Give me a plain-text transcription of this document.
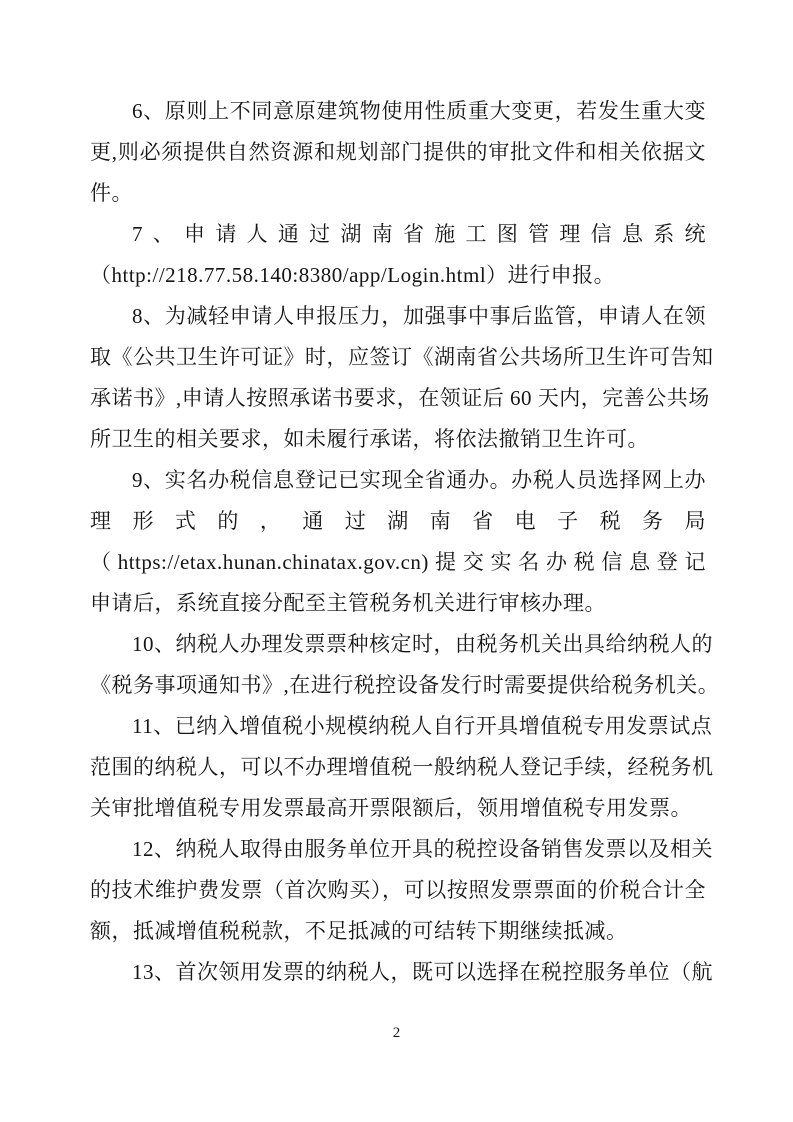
6、原则上不同意原建筑物使用性质重大变更，若发生重大变
更,则必须提供自然资源和规划部门提供的审批文件和相关依据文
件。
7、申请人通过湖南省施工图管理信息系统
（http://218.77.58.140:8380/app/Login.html）进行申报。
8、为减轻申请人申报压力，加强事中事后监管，申请人在领
取《公共卫生许可证》时，应签订《湖南省公共场所卫生许可告知
承诺书》,申请人按照承诺书要求，在领证后 60 天内，完善公共场
所卫生的相关要求，如未履行承诺，将依法撤销卫生许可。
9、实名办税信息登记已实现全省通办。办税人员选择网上办
理形式的，通过湖南省电子税务局
（https://etax.hunan.chinatax.gov.cn)提交实名办税信息登记
申请后，系统直接分配至主管税务机关进行审核办理。
10、纳税人办理发票票种核定时，由税务机关出具给纳税人的
《税务事项通知书》,在进行税控设备发行时需要提供给税务机关。
11、已纳入增值税小规模纳税人自行开具增值税专用发票试点
范围的纳税人，可以不办理增值税一般纳税人登记手续，经税务机
关审批增值税专用发票最高开票限额后，领用增值税专用发票。
12、纳税人取得由服务单位开具的税控设备销售发票以及相关
的技术维护费发票（首次购买），可以按照发票票面的价税合计全
额，抵减增值税税款，不足抵减的可结转下期继续抵减。
13、首次领用发票的纳税人，既可以选择在税控服务单位（航
2
